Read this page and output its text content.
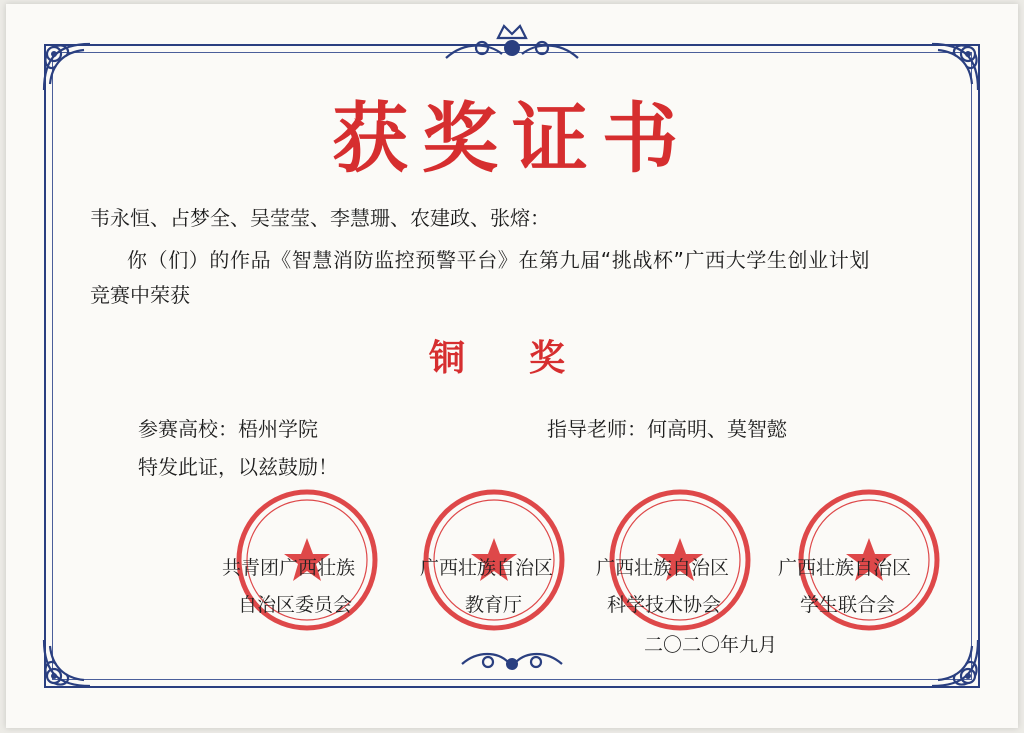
获奖证书
韦永恒、占梦全、吴莹莹、李慧珊、农建政、张熔：
你（们）的作品《智慧消防监控预警平台》在第九届“挑战杯”广西大学生创业计划
竞赛中荣获
铜奖
参赛高校：梧州学院	指导老师：何高明、莫智懿
特发此证，以兹鼓励！
共青团广西壮族
自治区委员会
广西壮族自治区
教育厅
广西壮族自治区
科学技术协会
广西壮族自治区
学生联合会
二〇二〇年九月
